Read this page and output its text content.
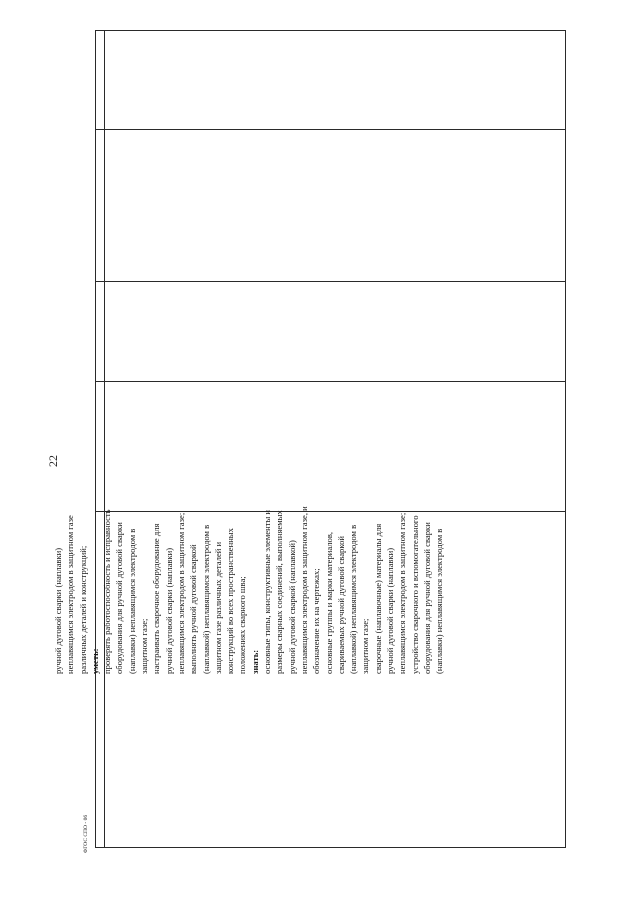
22
ФГОС СПО - 06
ручной дуговой сварки (наплавки) неплавящимся электродом в защитном газе различных деталей и конструкций; уметь: проверять работоспособность и исправность оборудования для ручной дуговой сварки (наплавки) неплавящимся электродом в защитном газе; настраивать сварочное оборудование для ручной дуговой сварки (наплавки) неплавящимся электродом в защитном газе; выполнять ручной дуговой сваркой (наплавкой) неплавящимся электродом в защитном газе различных деталей и конструкций во всех пространственных положениях сварного шва; знать: основные типы, конструктивные элементы и размеры сварных соединений, выполняемых ручной дуговой сваркой (наплавкой) неплавящимся электродом в защитном газе, и обозначение их на чертежах; основные группы и марки материалов, свариваемых ручной дуговой сваркой (наплавкой) неплавящимся электродом в защитном газе; сварочные (наплавочные) материалы для ручной дуговой сварки (наплавки) неплавящимся электродом в защитном газе; устройство сварочного и вспомогательного оборудования для ручной дуговой сварки (наплавки) неплавящимся электродом в
